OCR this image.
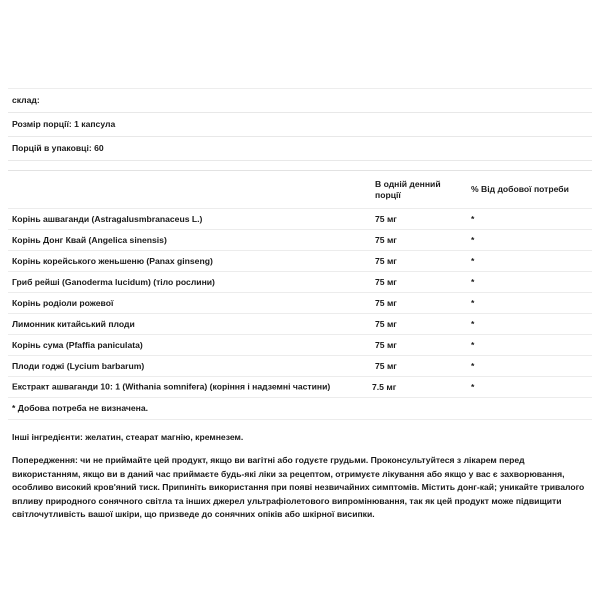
склад:		
Розмір порції: 1 капсула		
Порцій в упаковці: 60		

	В одній денний порції	% Від добової потреби
Корінь ашваганди (Astragalusmbranaceus L.)	75 мг	*
Корінь Донг Квай (Angelica sinensis)	75 мг	*
Корінь корейського женьшеню (Panax ginseng)	75 мг	*
Гриб рейші (Ganoderma lucidum) (тіло рослини)	75 мг	*
Корінь родіоли рожевої	75 мг	*
Лимонник китайський плоди	75 мг	*
Корінь сума (Pfaffia paniculata)	75 мг	*
Плоди годжі (Lycium barbarum)	75 мг	*

Екстракт ашваганди 10: 1 (Withania somnifera) (коріння і надземні частини)	7.5 мг	*
* Добова потреба не визначена.		

Інші інгредієнти: желатин, стеарат магнію, кремнезем.

Попередження: чи не приймайте цей продукт, якщо ви вагітні або годуєте грудьми. Проконсультуйтеся з лікарем перед використанням, якщо ви в даний час приймаєте будь-які ліки за рецептом, отримуєте лікування або якщо у вас є захворювання, особливо високий кров'яний тиск. Припиніть використання при появі незвичайних симптомів. Містить донг-кай; уникайте тривалого впливу природного сонячного світла та інших джерел ультрафіолетового випромінювання, так як цей продукт може підвищити світлочутливість вашої шкіри, що призведе до сонячних опіків або шкірної висипки.
